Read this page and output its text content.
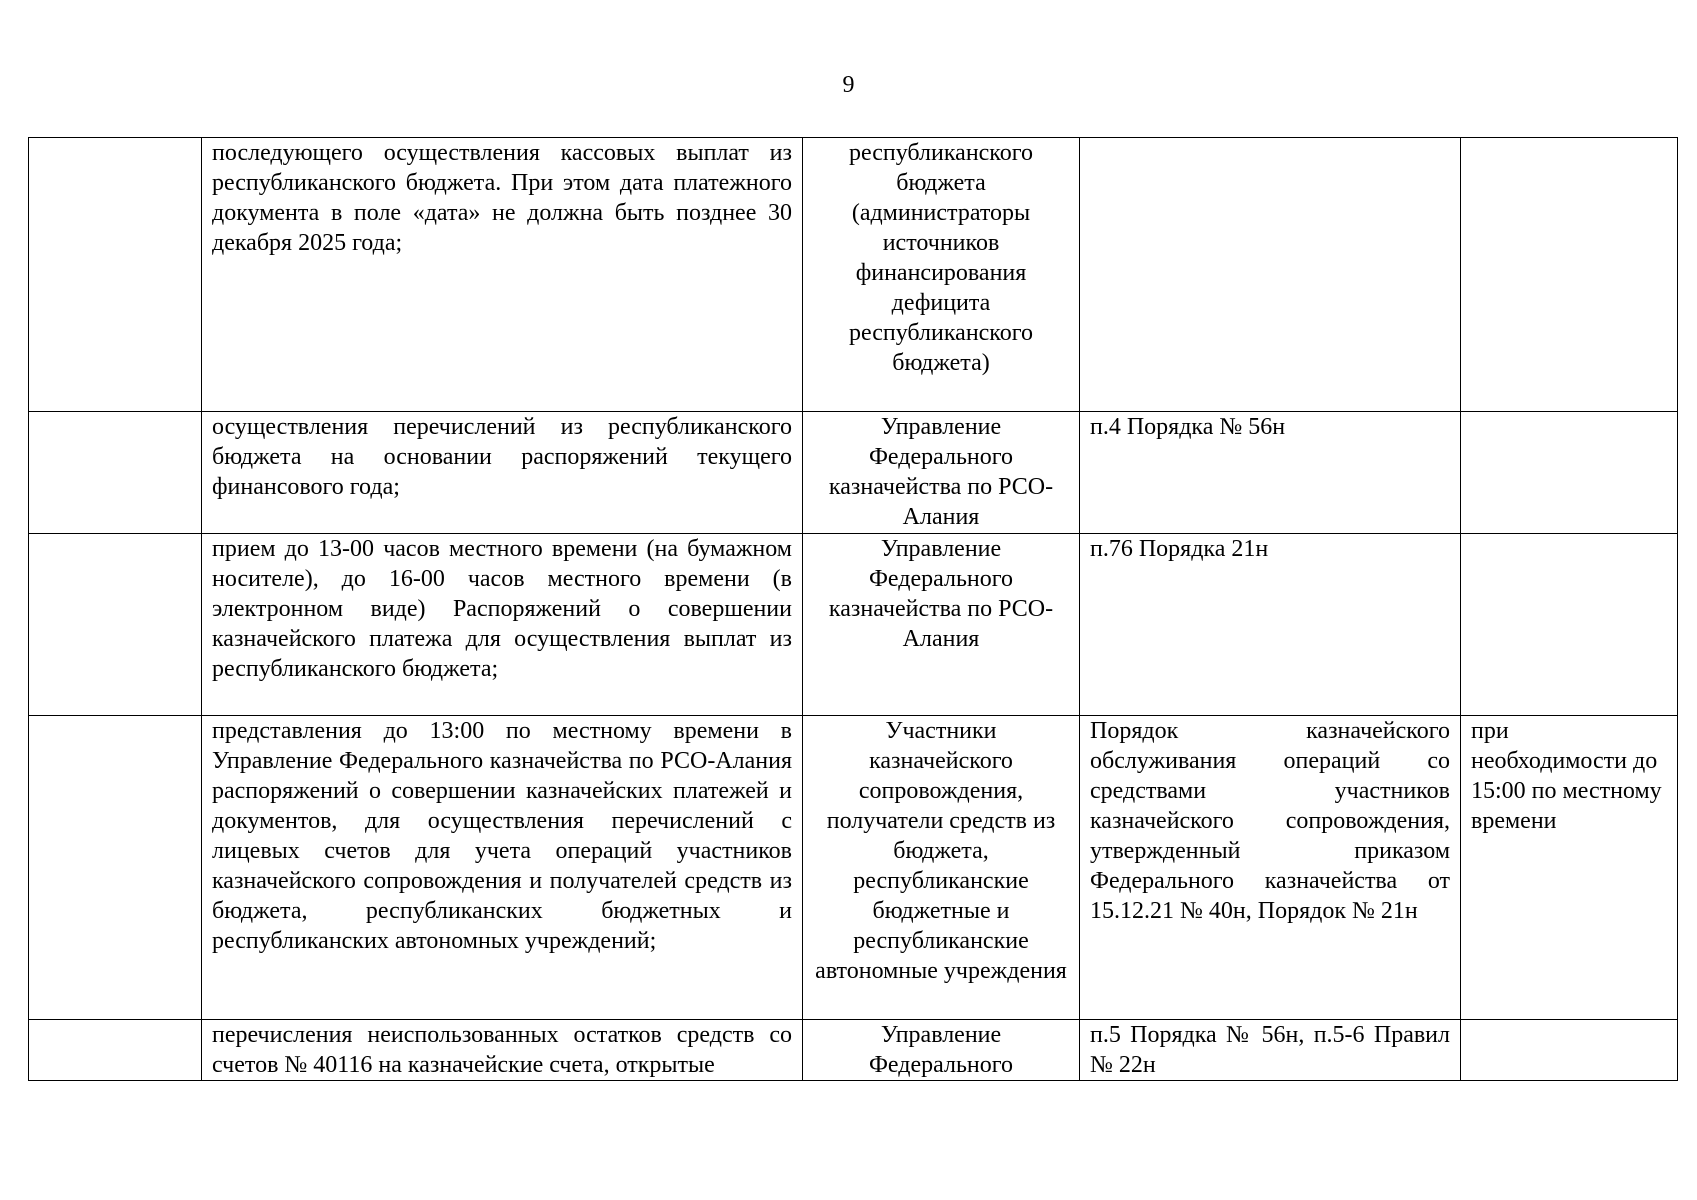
9
	последующего осуществления кассовых выплат из республиканского бюджета. При этом дата платежного документа в поле «дата» не должна быть позднее 30 декабря 2025 года;	республиканского бюджета (администраторы источников финансирования дефицита республиканского бюджета)		
	осуществления перечислений из республиканского бюджета на основании распоряжений текущего финансового года;	Управление Федерального казначейства по РСО-Алания	п.4 Порядка № 56н	
	прием до 13-00 часов местного времени (на бумажном носителе), до 16-00 часов местного времени (в электронном виде) Распоряжений о совершении казначейского платежа для осуществления выплат из республиканского бюджета;	Управление Федерального казначейства по РСО-Алания	п.76 Порядка 21н	
	представления до 13:00 по местному времени в Управление Федерального казначейства по РСО-Алания распоряжений о совершении казначейских платежей и документов, для осуществления перечислений с лицевых счетов для учета операций участников казначейского сопровождения и получателей средств из бюджета, республиканских бюджетных и республиканских автономных учреждений;	Участники казначейского сопровождения, получатели средств из бюджета, республиканские бюджетные и республиканские автономные учреждения	Порядок казначейского обслуживания операций со средствами участников казначейского сопровождения, утвержденный приказом Федерального казначейства от 15.12.21 № 40н, Порядок № 21н	при необходимости до 15:00 по местному времени
	перечисления неиспользованных остатков средств со счетов № 40116 на казначейские счета, открытые	Управление Федерального	п.5 Порядка № 56н, п.5-6 Правил № 22н	
